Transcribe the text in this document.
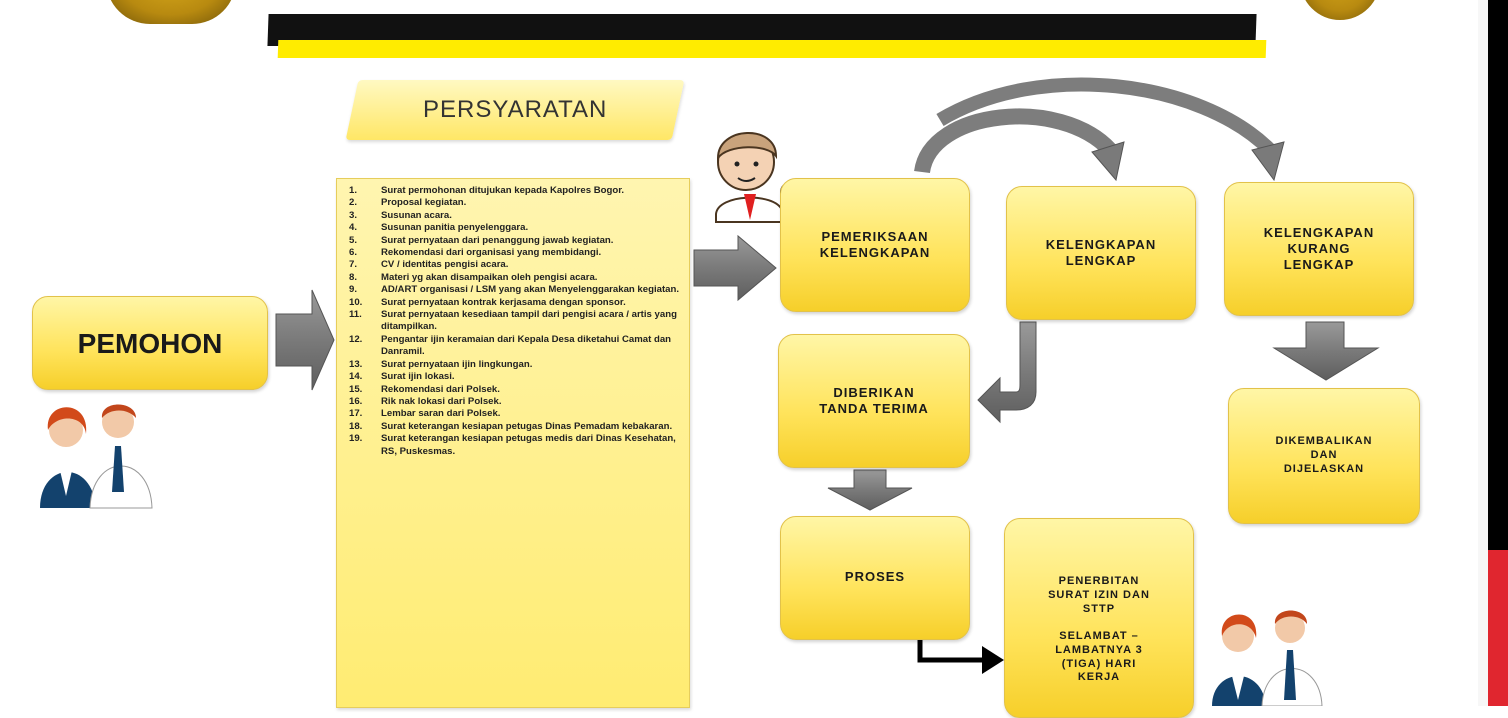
PEMOHON
PERSYARATAN
1.	Surat permohonan ditujukan kepada Kapolres Bogor.
2.	Proposal kegiatan.
3.	Susunan acara.
4.	Susunan panitia penyelenggara.
5.	Surat pernyataan dari penanggung jawab kegiatan.
6.	Rekomendasi dari organisasi yang membidangi.
7.	CV / identitas pengisi acara.
8.	Materi yg akan disampaikan oleh pengisi acara.
9.	AD/ART organisasi / LSM yang akan Menyelenggarakan kegiatan.
10.	Surat pernyataan kontrak kerjasama dengan sponsor.
11.	Surat pernyataan kesediaan tampil dari pengisi acara / artis yang ditampilkan.
12.	Pengantar ijin keramaian dari Kepala Desa diketahui Camat dan Danramil.
13.	Surat pernyataan ijin lingkungan.
14.	Surat ijin lokasi.
15.	Rekomendasi dari Polsek.
16.	Rik nak lokasi dari Polsek.
17.	Lembar saran dari Polsek.
18.	Surat keterangan kesiapan petugas Dinas Pemadam kebakaran.
19.	Surat keterangan kesiapan petugas medis dari Dinas Kesehatan, RS, Puskesmas.
PEMERIKSAAN
KELENGKAPAN
KELENGKAPAN
LENGKAP
KELENGKAPAN
KURANG
LENGKAP
DIBERIKAN
TANDA TERIMA
DIKEMBALIKAN
DAN
DIJELASKAN
PROSES	PENERBITAN
SURAT IZIN DAN
STTP

SELAMBAT –
LAMBATNYA 3
(TIGA) HARI
KERJA
